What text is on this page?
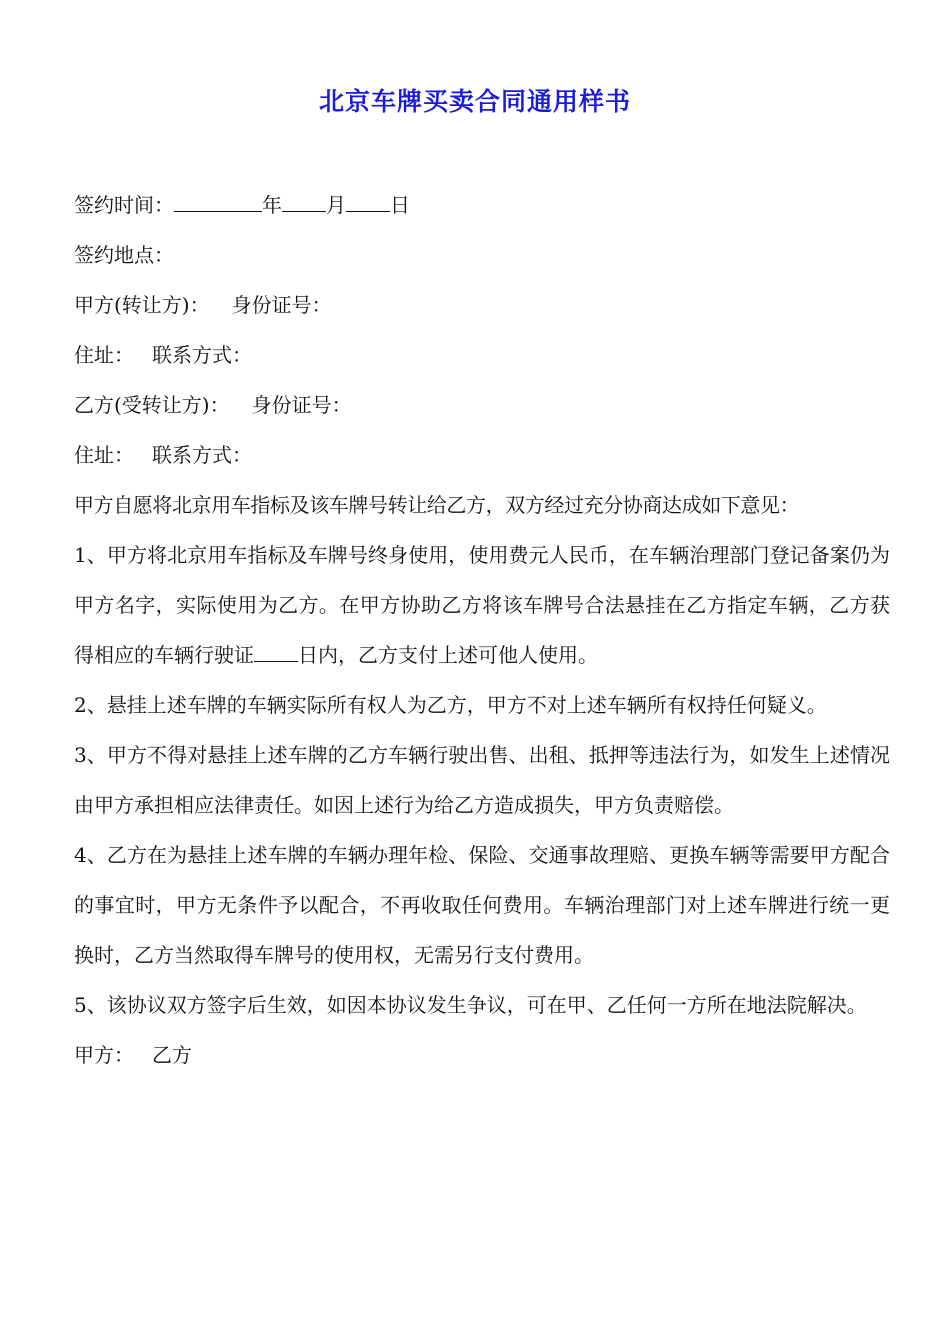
北京车牌买卖合同通用样书
签约时间：	年 月 日
签约地点：
甲方(转让方)： 身份证号：
住址： 联系方式：
乙方(受转让方)： 身份证号：
住址： 联系方式：
甲方自愿将北京用车指标及该车牌号转让给乙方，双方经过充分协商达成如下意见：
1、甲方将北京用车指标及车牌号终身使用，使用费元人民币，在车辆治理部门登记备案仍为甲方名字，实际使用为乙方。在甲方协助乙方将该车牌号合法悬挂在乙方指定车辆，乙方获得相应的车辆行驶证 日内，乙方支付上述可他人使用。
2、悬挂上述车牌的车辆实际所有权人为乙方，甲方不对上述车辆所有权持任何疑义。
3、甲方不得对悬挂上述车牌的乙方车辆行驶出售、出租、抵押等违法行为，如发生上述情况由甲方承担相应法律责任。如因上述行为给乙方造成损失，甲方负责赔偿。
4、乙方在为悬挂上述车牌的车辆办理年检、保险、交通事故理赔、更换车辆等需要甲方配合的事宜时，甲方无条件予以配合，不再收取任何费用。车辆治理部门对上述车牌进行统一更换时，乙方当然取得车牌号的使用权，无需另行支付费用。
5、该协议双方签字后生效，如因本协议发生争议，可在甲、乙任何一方所在地法院解决。
甲方： 乙方
